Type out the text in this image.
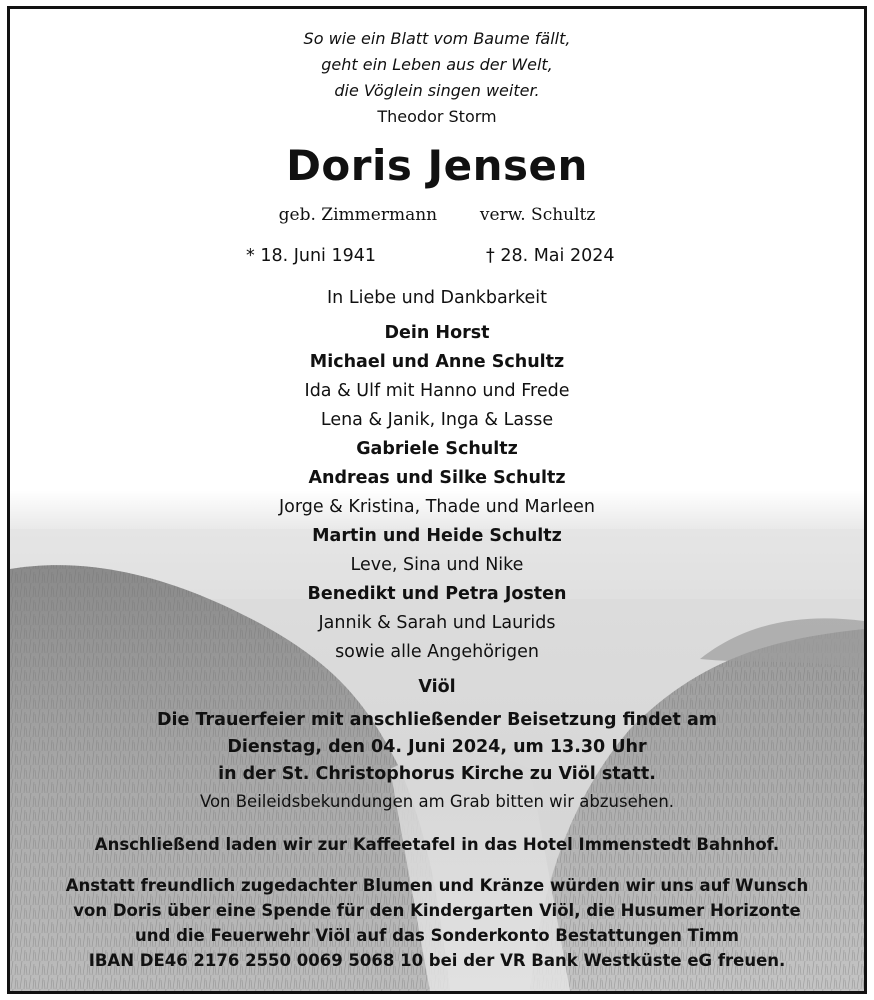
So wie ein Blatt vom Baume fällt,
geht ein Leben aus der Welt,
die Vöglein singen weiter.
Theodor Storm
Doris Jensen
geb. Zimmermann	verw. Schultz
* 18. Juni 1941	† 28. Mai 2024
In Liebe und Dankbarkeit
Dein Horst
Michael und Anne Schultz
Ida & Ulf mit Hanno und Frede
Lena & Janik, Inga & Lasse
Gabriele Schultz
Andreas und Silke Schultz
Jorge & Kristina, Thade und Marleen
Martin und Heide Schultz
Leve, Sina und Nike
Benedikt und Petra Josten
Jannik & Sarah und Laurids
sowie alle Angehörigen
Viöl
Die Trauerfeier mit anschließender Beisetzung findet am
Dienstag, den 04. Juni 2024, um 13.30 Uhr
in der St. Christophorus Kirche zu Viöl statt.
Von Beileidsbekundungen am Grab bitten wir abzusehen.
Anschließend laden wir zur Kaffeetafel in das Hotel Immenstedt Bahnhof.
Anstatt freundlich zugedachter Blumen und Kränze würden wir uns auf Wunsch
von Doris über eine Spende für den Kindergarten Viöl, die Husumer Horizonte
und die Feuerwehr Viöl auf das Sonderkonto Bestattungen Timm
IBAN DE46 2176 2550 0069 5068 10 bei der VR Bank Westküste eG freuen.
